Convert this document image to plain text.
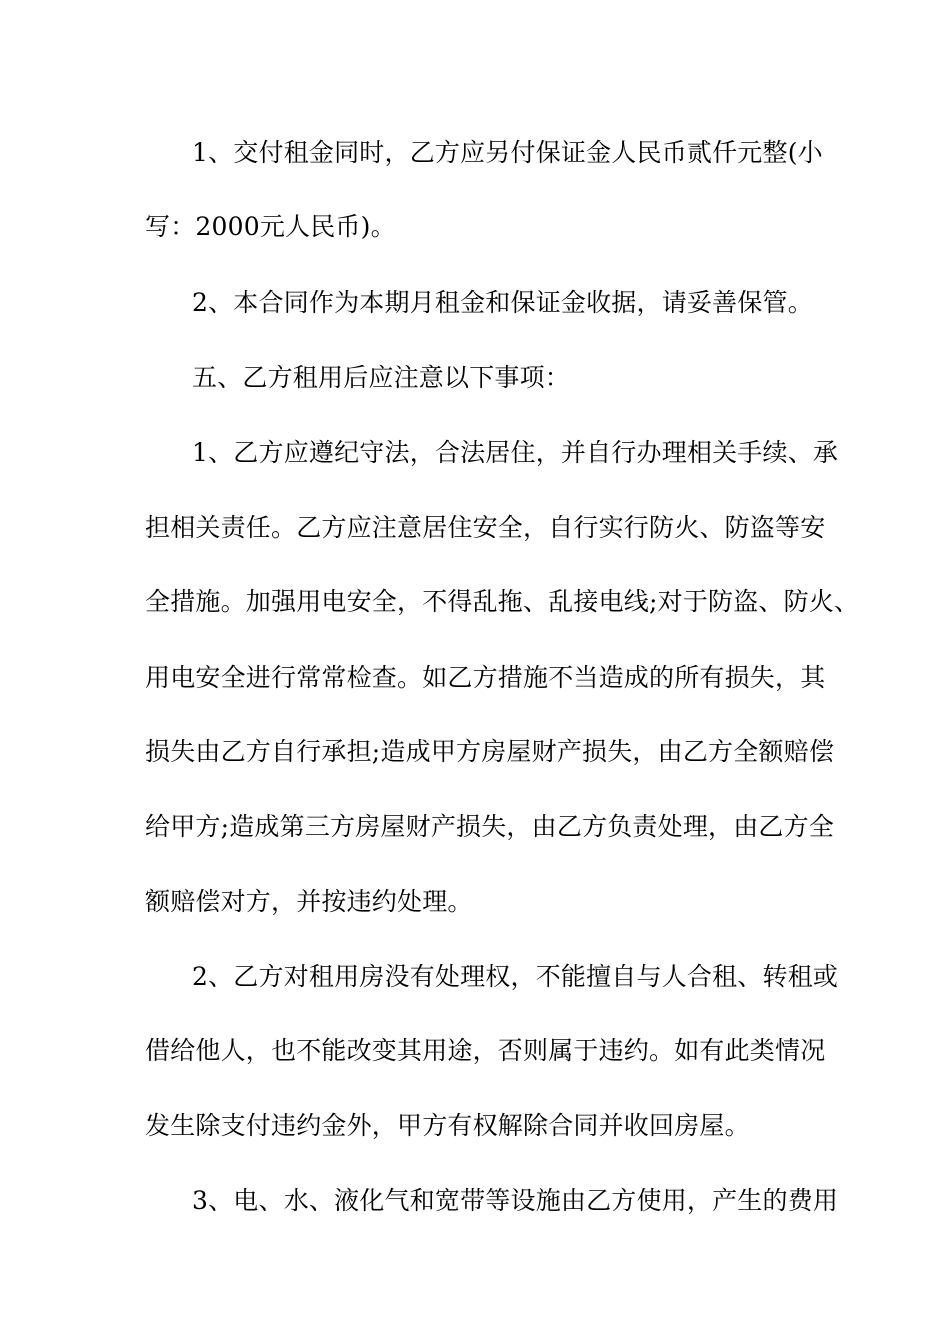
1、交付租金同时，乙方应另付保证金人民币贰仟元整(小
写：2000元人民币)。
2、本合同作为本期月租金和保证金收据，请妥善保管。
五、乙方租用后应注意以下事项：
1、乙方应遵纪守法，合法居住，并自行办理相关手续、承
担相关责任。乙方应注意居住安全，自行实行防火、防盗等安
全措施。加强用电安全，不得乱拖、乱接电线;对于防盗、防火、
用电安全进行常常检查。如乙方措施不当造成的所有损失，其
损失由乙方自行承担;造成甲方房屋财产损失，由乙方全额赔偿
给甲方;造成第三方房屋财产损失，由乙方负责处理，由乙方全
额赔偿对方，并按违约处理。
2、乙方对租用房没有处理权，不能擅自与人合租、转租或
借给他人，也不能改变其用途，否则属于违约。如有此类情况
发生除支付违约金外，甲方有权解除合同并收回房屋。
3、电、水、液化气和宽带等设施由乙方使用，产生的费用
